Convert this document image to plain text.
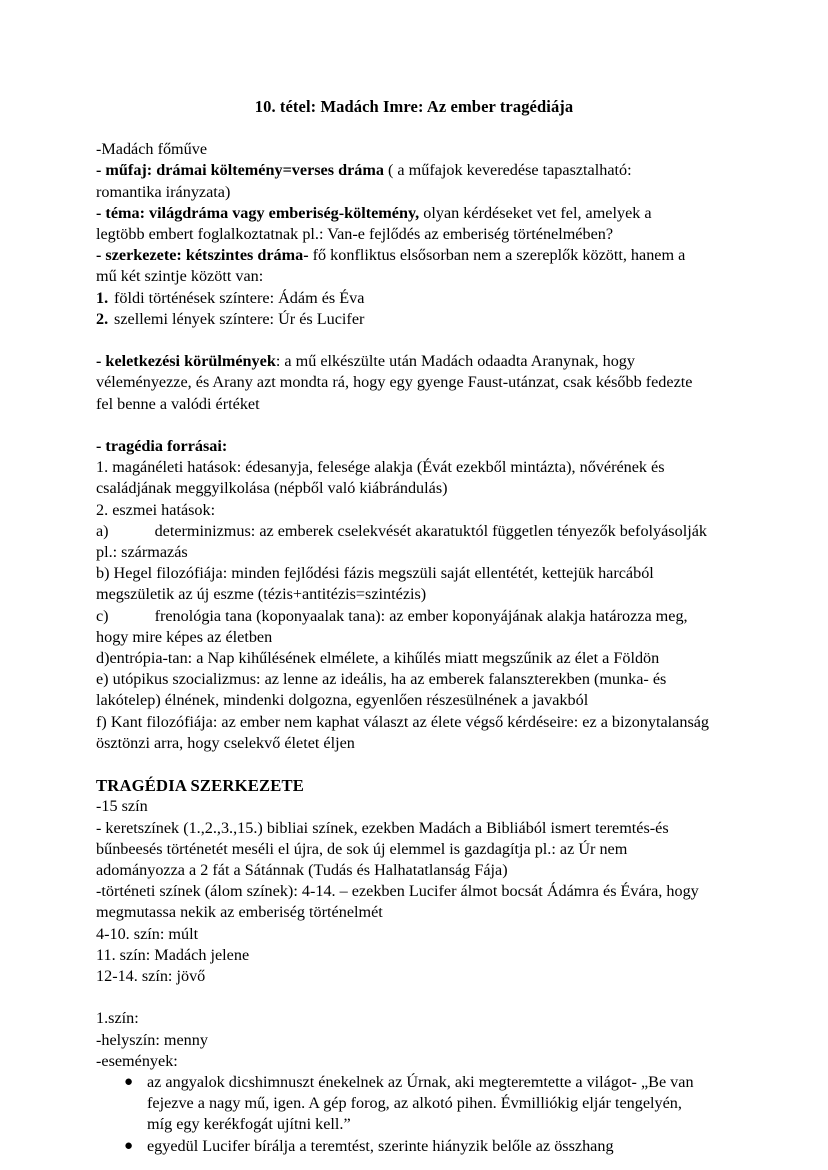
10. tétel: Madách Imre: Az ember tragédiája

-Madách főműve

- műfaj: drámai költemény=verses dráma ( a műfajok keveredése tapasztalható:

romantika irányzata)

- téma: világdráma vagy emberiség-költemény, olyan kérdéseket vet fel, amelyek a

legtöbb embert foglalkoztatnak pl.: Van-e fejlődés az emberiség történelmében?

- szerkezete: kétszintes dráma- fő konfliktus elsősorban nem a szereplők között, hanem a

mű két szintje között van:

1. földi történések színtere: Ádám és Éva

2. szellemi lények színtere: Úr és Lucifer

- keletkezési körülmények: a mű elkészülte után Madách odaadta Aranynak, hogy

véleményezze, és Arany azt mondta rá, hogy egy gyenge Faust-utánzat, csak később fedezte

fel benne a valódi értéket

- tragédia forrásai:

1. magánéleti hatások: édesanyja, felesége alakja (Évát ezekből mintázta), nővérének és

családjának meggyilkolása (népből való kiábrándulás)

2. eszmei hatások:

a)	determinizmus: az emberek cselekvését akaratuktól független tényezők befolyásolják

pl.: származás

b) Hegel filozófiája: minden fejlődési fázis megszüli saját ellentétét, kettejük harcából

megszületik az új eszme (tézis+antitézis=szintézis)

c)	frenológia tana (koponyaalak tana): az ember koponyájának alakja határozza meg,

hogy mire képes az életben

d)entrópia-tan: a Nap kihűlésének elmélete, a kihűlés miatt megszűnik az élet a Földön

e) utópikus szocializmus: az lenne az ideális, ha az emberek falanszterekben (munka- és

lakótelep) élnének, mindenki dolgozna, egyenlően részesülnének a javakból

f) Kant filozófiája: az ember nem kaphat választ az élete végső kérdéseire: ez a bizonytalanság

ösztönzi arra, hogy cselekvő életet éljen

TRAGÉDIA SZERKEZETE

-15 szín

- keretszínek (1.,2.,3.,15.) bibliai színek, ezekben Madách a Bibliából ismert teremtés-és

bűnbeesés történetét meséli el újra, de sok új elemmel is gazdagítja pl.: az Úr nem

adományozza a 2 fát a Sátánnak (Tudás és Halhatatlanság Fája)

-történeti színek (álom színek): 4-14. – ezekben Lucifer álmot bocsát Ádámra és Évára, hogy

megmutassa nekik az emberiség történelmét

4-10. szín: múlt

11. szín: Madách jelene

12-14. szín: jövő

1.szín:

-helyszín: menny

-események:

● az angyalok dicshimnuszt énekelnek az Úrnak, aki megteremtette a világot- „Be van
fejezve a nagy mű, igen. A gép forog, az alkotó pihen. Évmilliókig eljár tengelyén,
míg egy kerékfogát ujítni kell.”
● egyedül Lucifer bírálja a teremtést, szerinte hiányzik belőle az összhang
